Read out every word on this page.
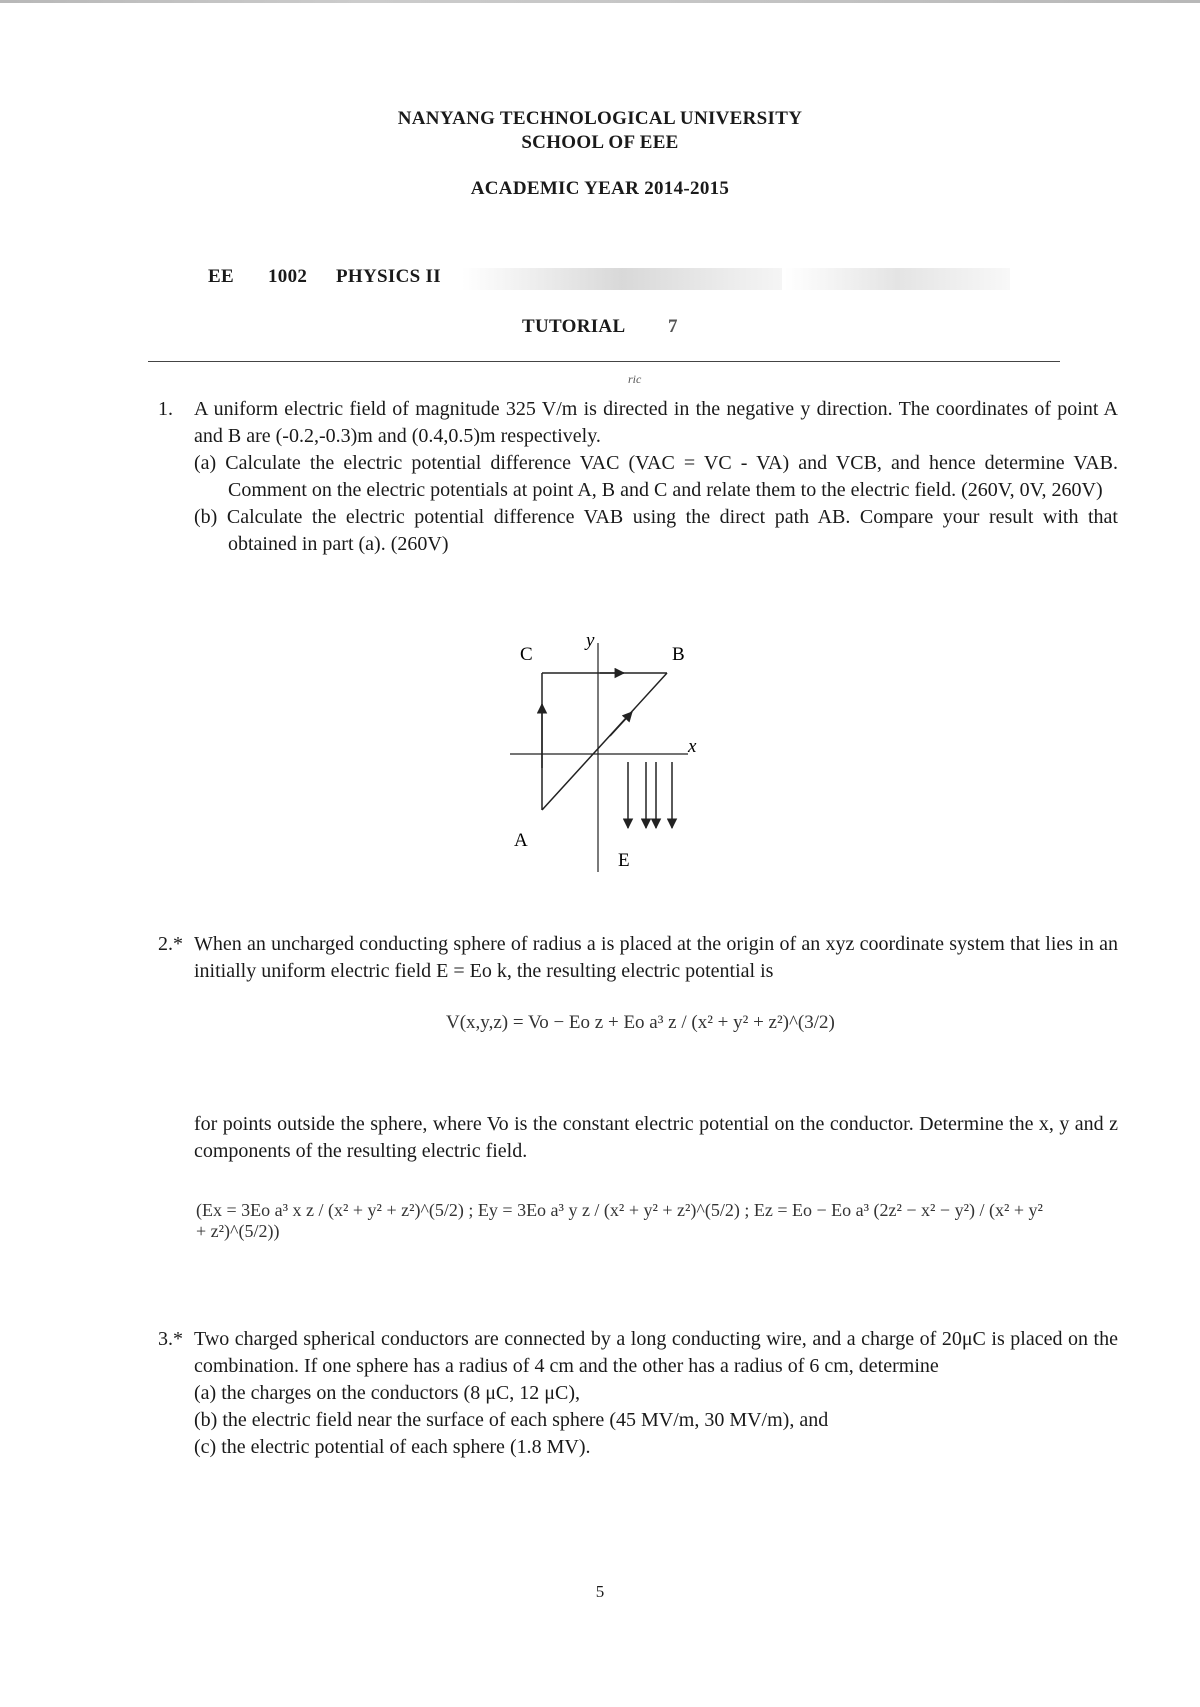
NANYANG TECHNOLOGICAL UNIVERSITY
SCHOOL OF EEE
ACADEMIC YEAR 2014-2015
EE 1002 PHYSICS II
TUTORIAL 7
ric
1. A uniform electric field of magnitude 325 V/m is directed in the negative y direction. The coordinates of point A and B are (-0.2,-0.3)m and (0.4,0.5)m respectively.
(a) Calculate the electric potential difference VAC (VAC = VC - VA) and VCB, and hence determine VAB. Comment on the electric potentials at point A, B and C and relate them to the electric field. (260V, 0V, 260V)
(b) Calculate the electric potential difference VAB using the direct path AB. Compare your result with that obtained in part (a). (260V)
C	B
A
y
x
E
2.* When an uncharged conducting sphere of radius a is placed at the origin of an xyz coordinate system that lies in an initially uniform electric field E = Eo k, the resulting electric potential is
V(x,y,z) = Vo − Eo z + Eo a³ z / (x² + y² + z²)^(3/2)
for points outside the sphere, where Vo is the constant electric potential on the conductor. Determine the x, y and z components of the resulting electric field.
(Ex = 3Eo a³ x z / (x² + y² + z²)^(5/2) ; Ey = 3Eo a³ y z / (x² + y² + z²)^(5/2) ; Ez = Eo − Eo a³ (2z² − x² − y²) / (x² + y² + z²)^(5/2))
3.* Two charged spherical conductors are connected by a long conducting wire, and a charge of 20μC is placed on the combination. If one sphere has a radius of 4 cm and the other has a radius of 6 cm, determine
(a) the charges on the conductors (8 μC, 12 μC),
(b) the electric field near the surface of each sphere (45 MV/m, 30 MV/m), and
(c) the electric potential of each sphere (1.8 MV).
5
